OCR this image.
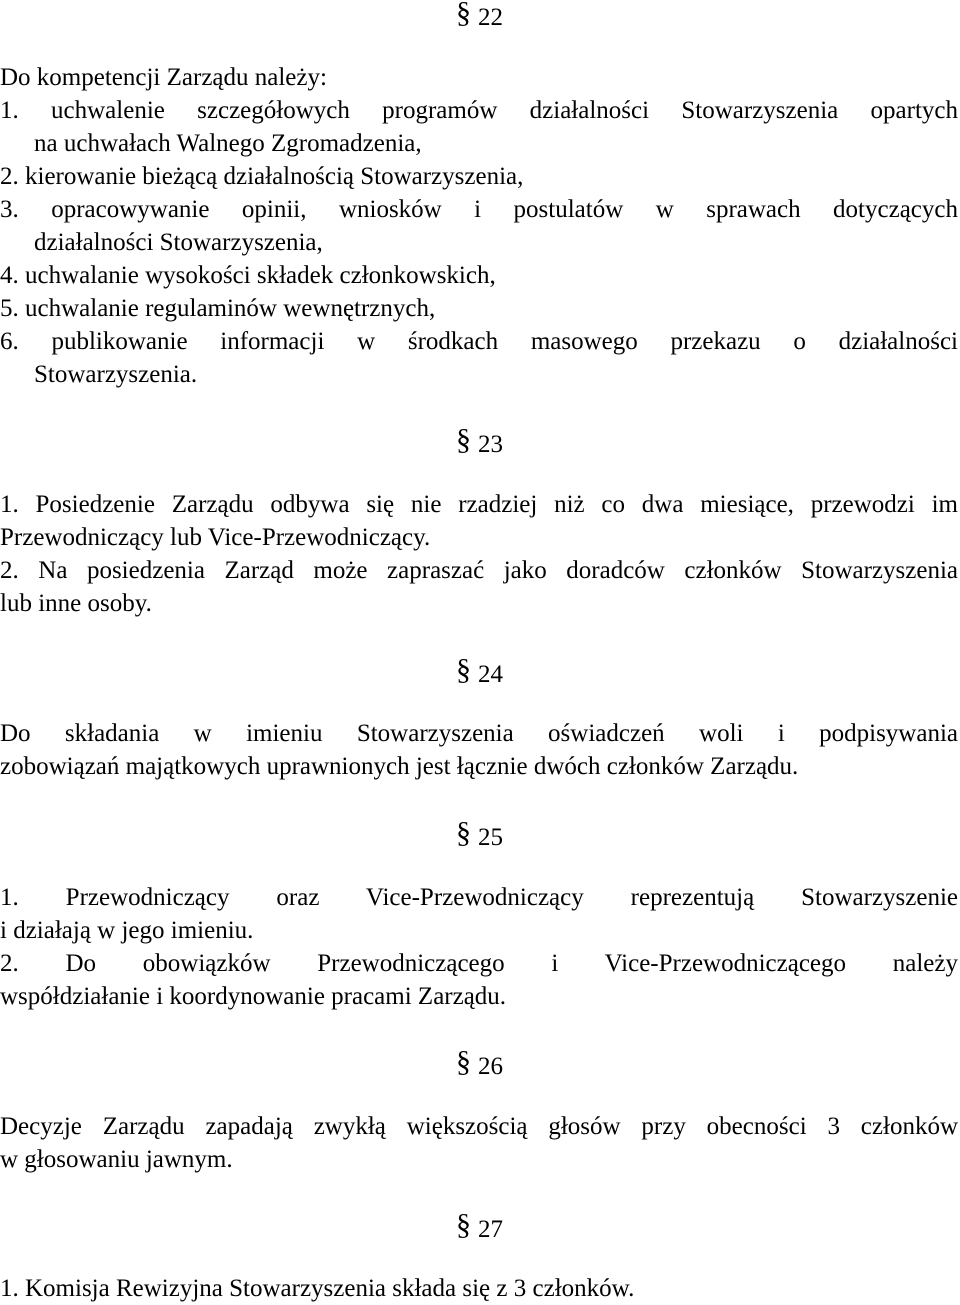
§ 22
Do kompetencji Zarządu należy:
1. uchwalenie szczegółowych programów działalności Stowarzyszenia opartych
na uchwałach Walnego Zgromadzenia,
2. kierowanie bieżącą działalnością Stowarzyszenia,
3. opracowywanie opinii, wniosków i postulatów w sprawach dotyczących
działalności Stowarzyszenia,
4. uchwalanie wysokości składek członkowskich,
5. uchwalanie regulaminów wewnętrznych,
6. publikowanie informacji w środkach masowego przekazu o działalności
Stowarzyszenia.
§ 23
1. Posiedzenie Zarządu odbywa się nie rzadziej niż co dwa miesiące, przewodzi im
Przewodniczący lub Vice-Przewodniczący.
2. Na posiedzenia Zarząd może zapraszać jako doradców członków Stowarzyszenia
lub inne osoby.
§ 24
Do składania w imieniu Stowarzyszenia oświadczeń woli i podpisywania
zobowiązań majątkowych uprawnionych jest łącznie dwóch członków Zarządu.
§ 25
1. Przewodniczący oraz Vice-Przewodniczący reprezentują Stowarzyszenie
i działają w jego imieniu.
2. Do obowiązków Przewodniczącego i Vice-Przewodniczącego należy
współdziałanie i koordynowanie pracami Zarządu.
§ 26
Decyzje Zarządu zapadają zwykłą większością głosów przy obecności 3 członków
w głosowaniu jawnym.
§ 27
1. Komisja Rewizyjna Stowarzyszenia składa się z 3 członków.
